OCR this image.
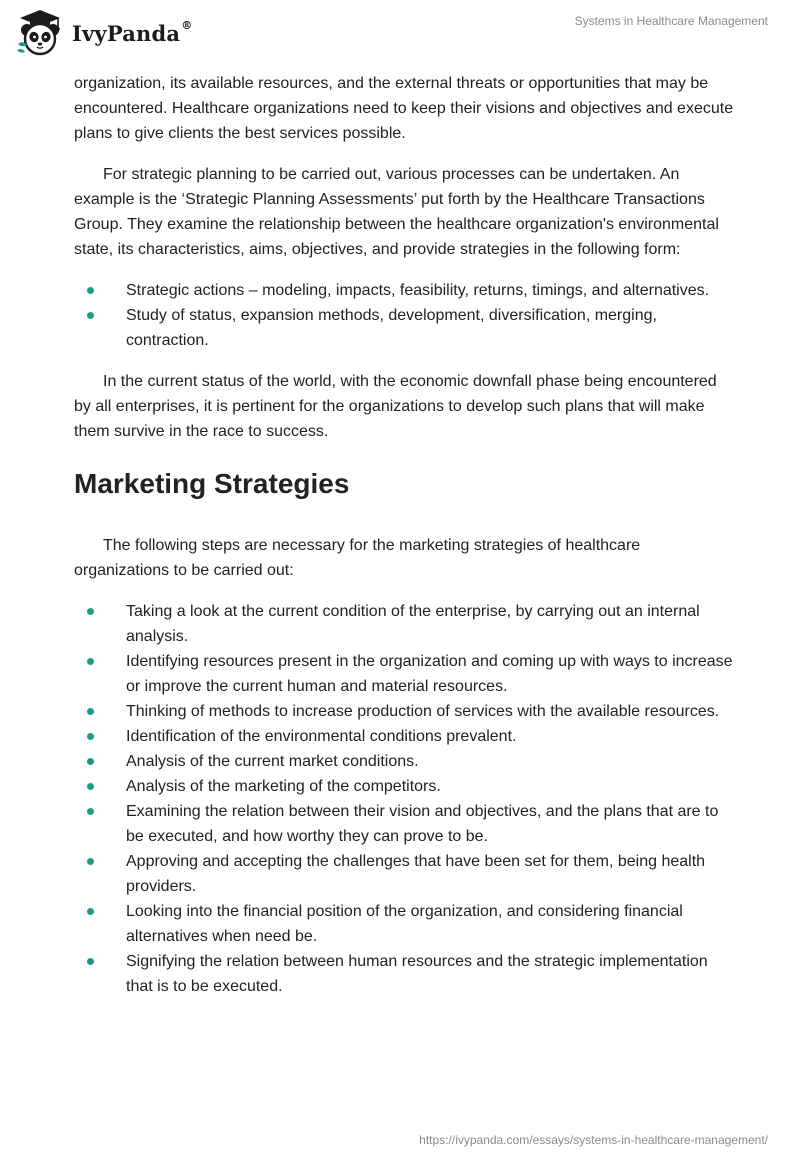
IvyPanda®	Systems in Healthcare Management

organization, its available resources, and the external threats or opportunities that may be encountered. Healthcare organizations need to keep their visions and objectives and execute plans to give clients the best services possible.

For strategic planning to be carried out, various processes can be undertaken. An example is the ‘Strategic Planning Assessments’ put forth by the Healthcare Transactions Group. They examine the relationship between the healthcare organization's environmental state, its characteristics, aims, objectives, and provide strategies in the following form:

Strategic actions – modeling, impacts, feasibility, returns, timings, and alternatives.
Study of status, expansion methods, development, diversification, merging, contraction.

In the current status of the world, with the economic downfall phase being encountered by all enterprises, it is pertinent for the organizations to develop such plans that will make them survive in the race to success.

Marketing Strategies

The following steps are necessary for the marketing strategies of healthcare organizations to be carried out:

Taking a look at the current condition of the enterprise, by carrying out an internal analysis.
Identifying resources present in the organization and coming up with ways to increase or improve the current human and material resources.
Thinking of methods to increase production of services with the available resources.
Identification of the environmental conditions prevalent.
Analysis of the current market conditions.
Analysis of the marketing of the competitors.
Examining the relation between their vision and objectives, and the plans that are to be executed, and how worthy they can prove to be.
Approving and accepting the challenges that have been set for them, being health providers.
Looking into the financial position of the organization, and considering financial alternatives when need be.
Signifying the relation between human resources and the strategic implementation that is to be executed.
https://ivypanda.com/essays/systems-in-healthcare-management/
